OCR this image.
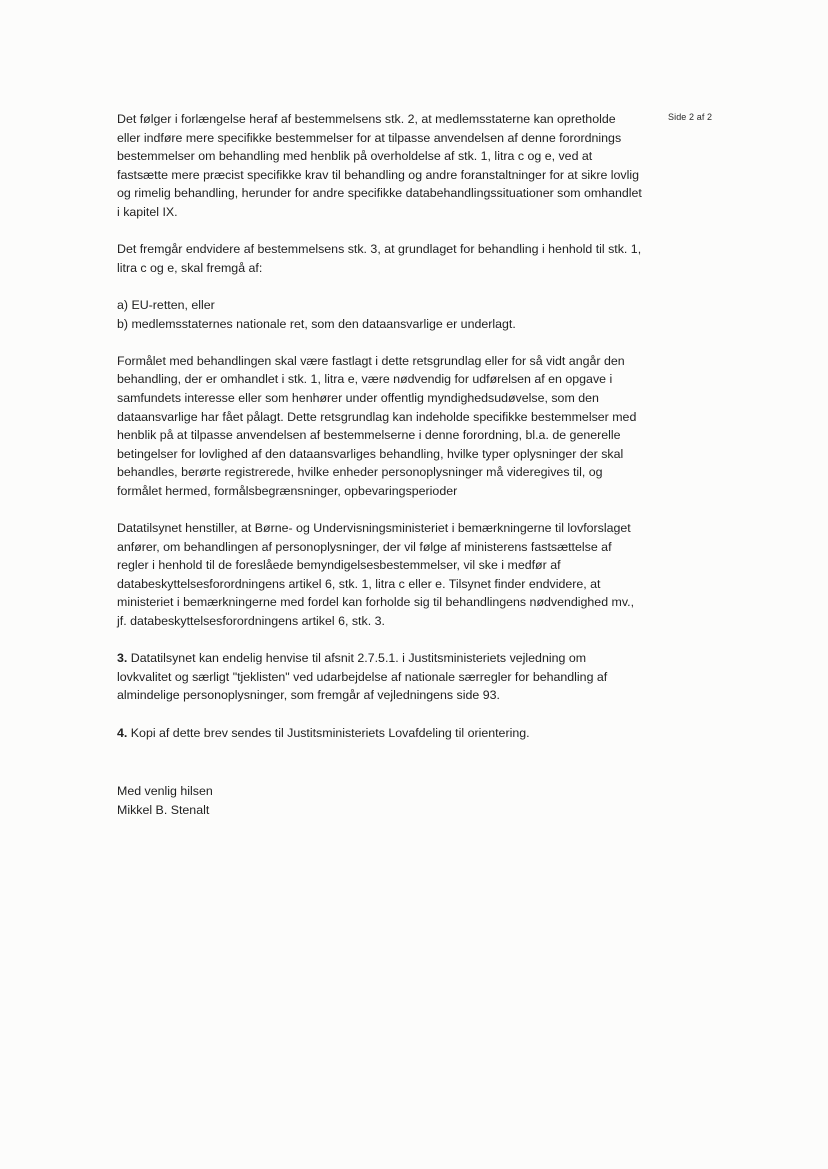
Side 2 af 2

Det følger i forlængelse heraf af bestemmelsens stk. 2, at medlemsstaterne kan opretholde eller indføre mere specifikke bestemmelser for at tilpasse anvendelsen af denne forordnings bestemmelser om behandling med henblik på overholdelse af stk. 1, litra c og e, ved at fastsætte mere præcist specifikke krav til behandling og andre foranstaltninger for at sikre lovlig og rimelig behandling, herunder for andre specifikke databehandlingssituationer som omhandlet i kapitel IX.

Det fremgår endvidere af bestemmelsens stk. 3, at grundlaget for behandling i henhold til stk. 1, litra c og e, skal fremgå af:

a) EU-retten, eller
b) medlemsstaternes nationale ret, som den dataansvarlige er underlagt.

Formålet med behandlingen skal være fastlagt i dette retsgrundlag eller for så vidt angår den behandling, der er omhandlet i stk. 1, litra e, være nødvendig for udførelsen af en opgave i samfundets interesse eller som henhører under offentlig myndighedsudøvelse, som den dataansvarlige har fået pålagt. Dette retsgrundlag kan indeholde specifikke bestemmelser med henblik på at tilpasse anvendelsen af bestemmelserne i denne forordning, bl.a. de generelle betingelser for lovlighed af den dataansvarliges behandling, hvilke typer oplysninger der skal behandles, berørte registrerede, hvilke enheder personoplysninger må videregives til, og formålet hermed, formålsbegrænsninger, opbevaringsperioder

Datatilsynet henstiller, at Børne- og Undervisningsministeriet i bemærkningerne til lovforslaget anfører, om behandlingen af personoplysninger, der vil følge af ministerens fastsættelse af regler i henhold til de foreslåede bemyndigelsesbestemmelser, vil ske i medfør af databeskyttelsesforordningens artikel 6, stk. 1, litra c eller e. Tilsynet finder endvidere, at ministeriet i bemærkningerne med fordel kan forholde sig til behandlingens nødvendighed mv., jf. databeskyttelsesforordningens artikel 6, stk. 3.

3. Datatilsynet kan endelig henvise til afsnit 2.7.5.1. i Justitsministeriets vejledning om lovkvalitet og særligt "tjeklisten" ved udarbejdelse af nationale særregler for behandling af almindelige personoplysninger, som fremgår af vejledningens side 93.

4. Kopi af dette brev sendes til Justitsministeriets Lovafdeling til orientering.

Med venlig hilsen
Mikkel B. Stenalt
